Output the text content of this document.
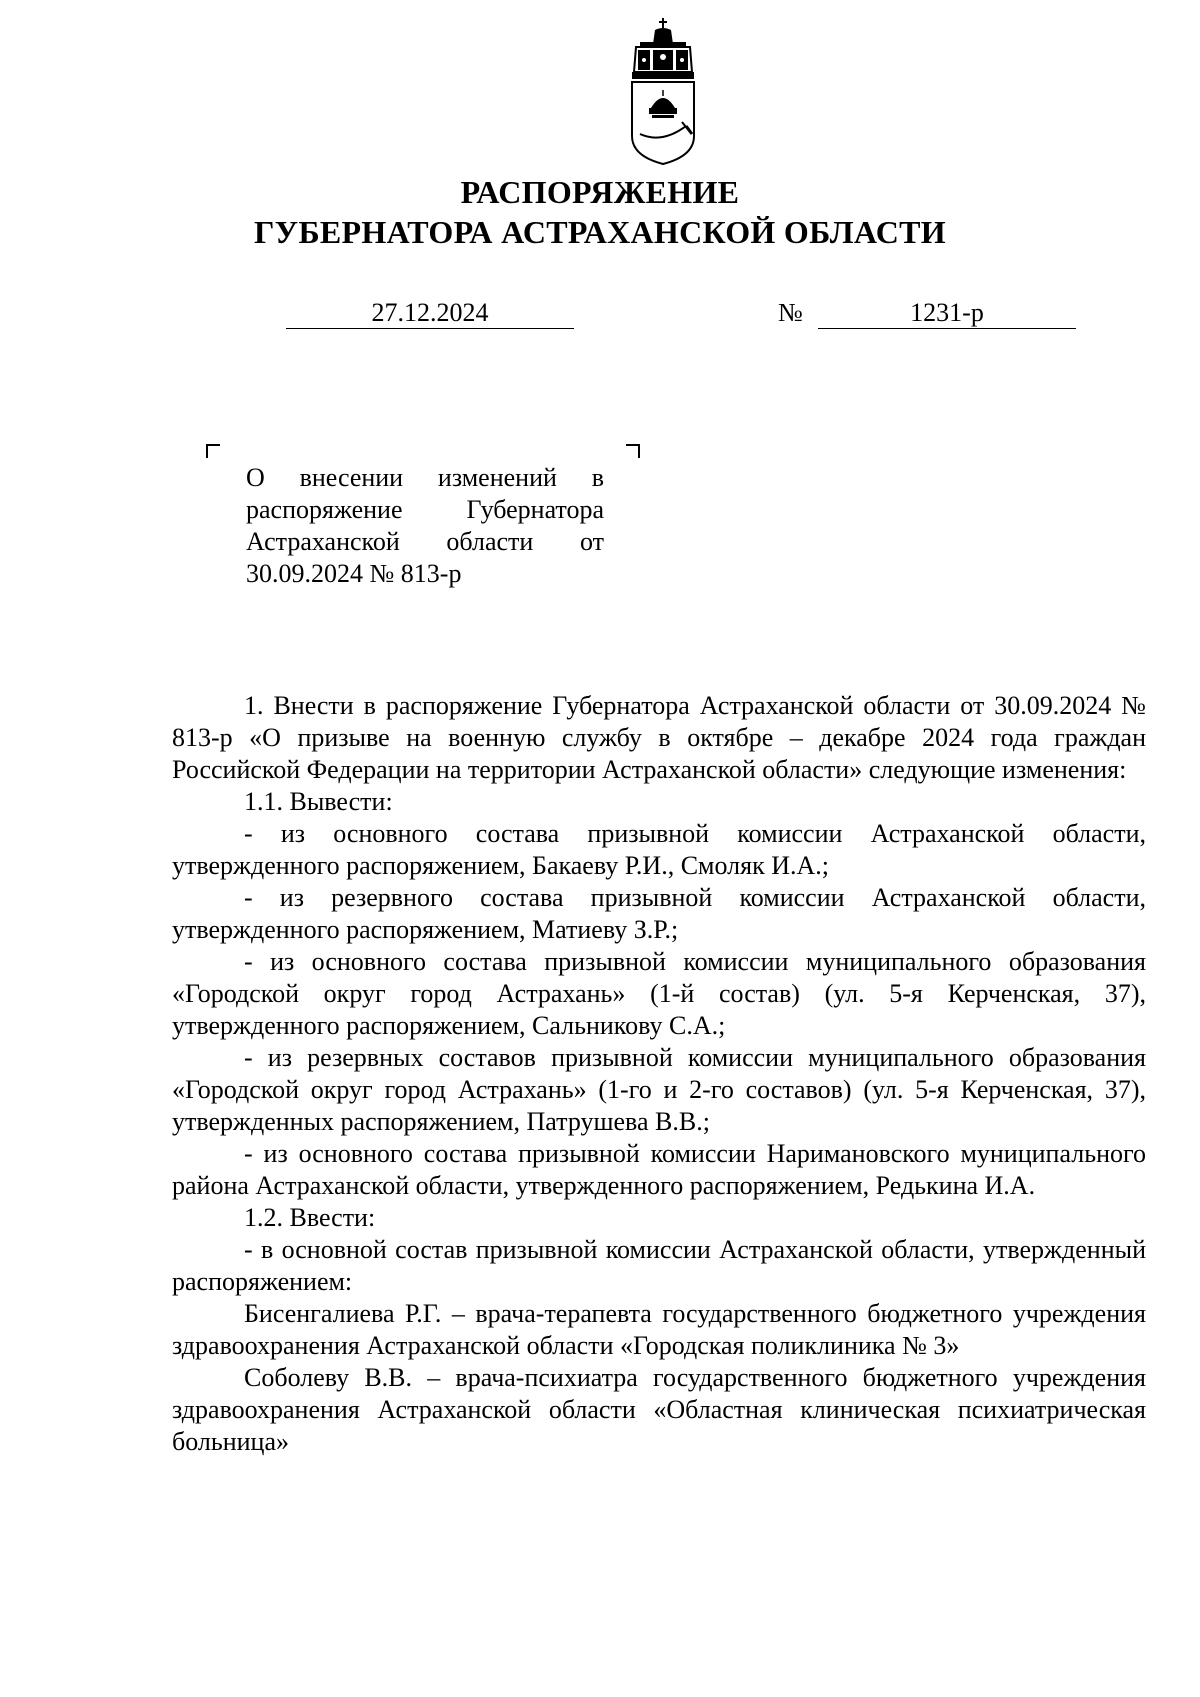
РАСПОРЯЖЕНИЕ
ГУБЕРНАТОРА АСТРАХАНСКОЙ ОБЛАСТИ
27.12.2024	№	1231-р
О внесении изменений в распоряжение Губернатора Астраханской области от 30.09.2024 № 813-р

1. Внести в распоряжение Губернатора Астраханской области от 30.09.2024 № 813-р «О призыве на военную службу в октябре – декабре 2024 года граждан Российской Федерации на территории Астраханской области» следующие изменения:

1.1. Вывести:

- из основного состава призывной комиссии Астраханской области, утвержденного распоряжением, Бакаеву Р.И., Смоляк И.А.;

- из резервного состава призывной комиссии Астраханской области, утвержденного распоряжением, Матиеву З.Р.;

- из основного состава призывной комиссии муниципального образования «Городской округ город Астрахань» (1-й состав) (ул. 5-я Керченская, 37), утвержденного распоряжением, Сальникову С.А.;

- из резервных составов призывной комиссии муниципального образования «Городской округ город Астрахань» (1-го и 2-го составов) (ул. 5-я Керченская, 37), утвержденных распоряжением, Патрушева В.В.;

- из основного состава призывной комиссии Наримановского муниципального района Астраханской области, утвержденного распоряжением, Редькина И.А.

1.2. Ввести:

- в основной состав призывной комиссии Астраханской области, утвержденный распоряжением:

Бисенгалиева Р.Г. – врача-терапевта государственного бюджетного учреждения здравоохранения Астраханской области «Городская поликлиника № 3»

Соболеву В.В. – врача-психиатра государственного бюджетного учреждения здравоохранения Астраханской области «Областная клиническая психиатрическая больница»
